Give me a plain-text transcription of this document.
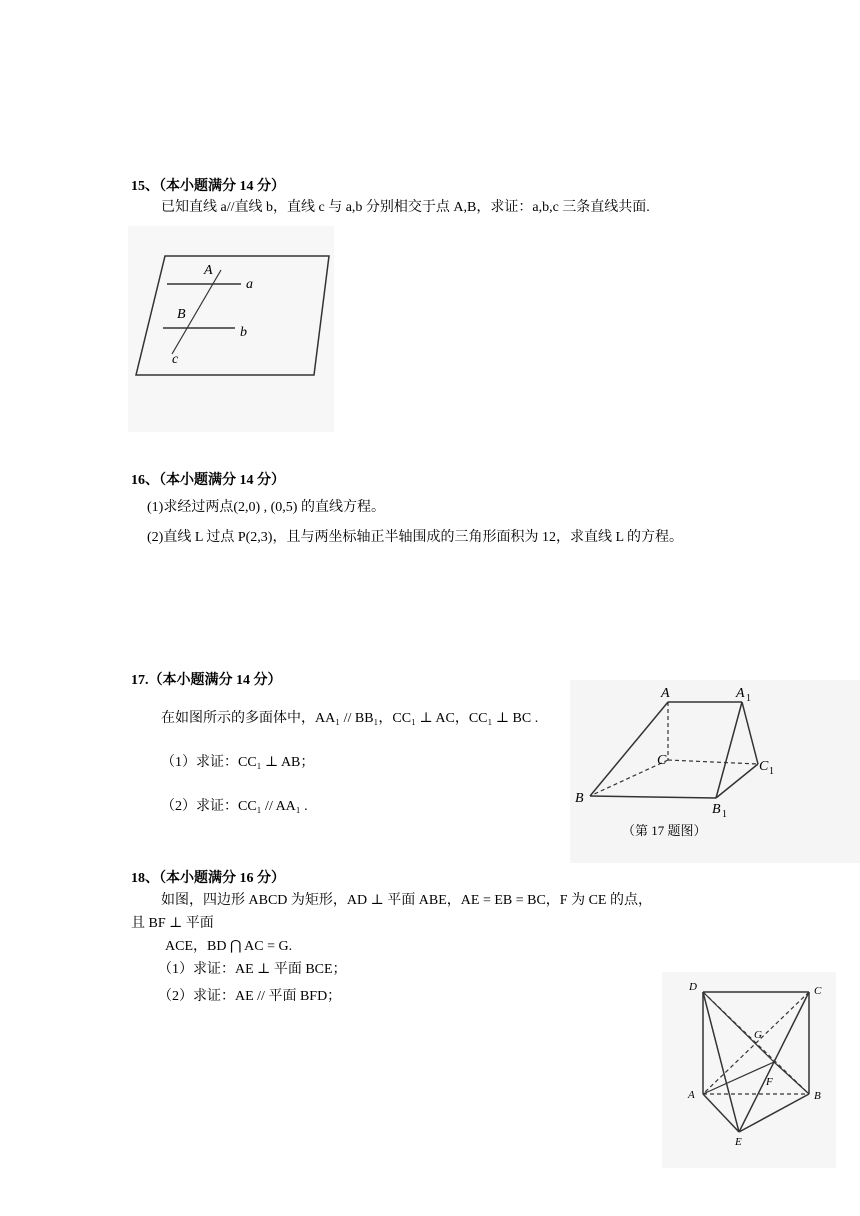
15、（本小题满分 14 分）
已知直线 a//直线 b，直线 c 与 a,b 分别相交于点 A,B，求证：a,b,c 三条直线共面.
A
a
B
b
c
16、（本小题满分 14 分）
(1)求经过两点(2,0) , (0,5) 的直线方程。
(2)直线 L 过点 P(2,3)，且与两坐标轴正半轴围成的三角形面积为 12，求直线 L 的方程。
17.（本小题满分 14 分）
在如图所示的多面体中，AA₁ // BB₁，CC₁ ⊥ AC，CC₁ ⊥ BC .
（1）求证：CC₁ ⊥ AB；
（2）求证：CC₁ // AA₁ .
A	A 1
C	C 1
B
B 1
（第 17 题图）
18、（本小题满分 16 分）
如图，四边形 ABCD 为矩形，AD ⊥ 平面 ABE，AE = EB = BC，F 为 CE 的点，
且 BF ⊥ 平面
ACE，BD ⋂ AC = G.
（1）求证：AE ⊥ 平面 BCE；
（2）求证：AE // 平面 BFD；
D	C
G
F
A	B
E
